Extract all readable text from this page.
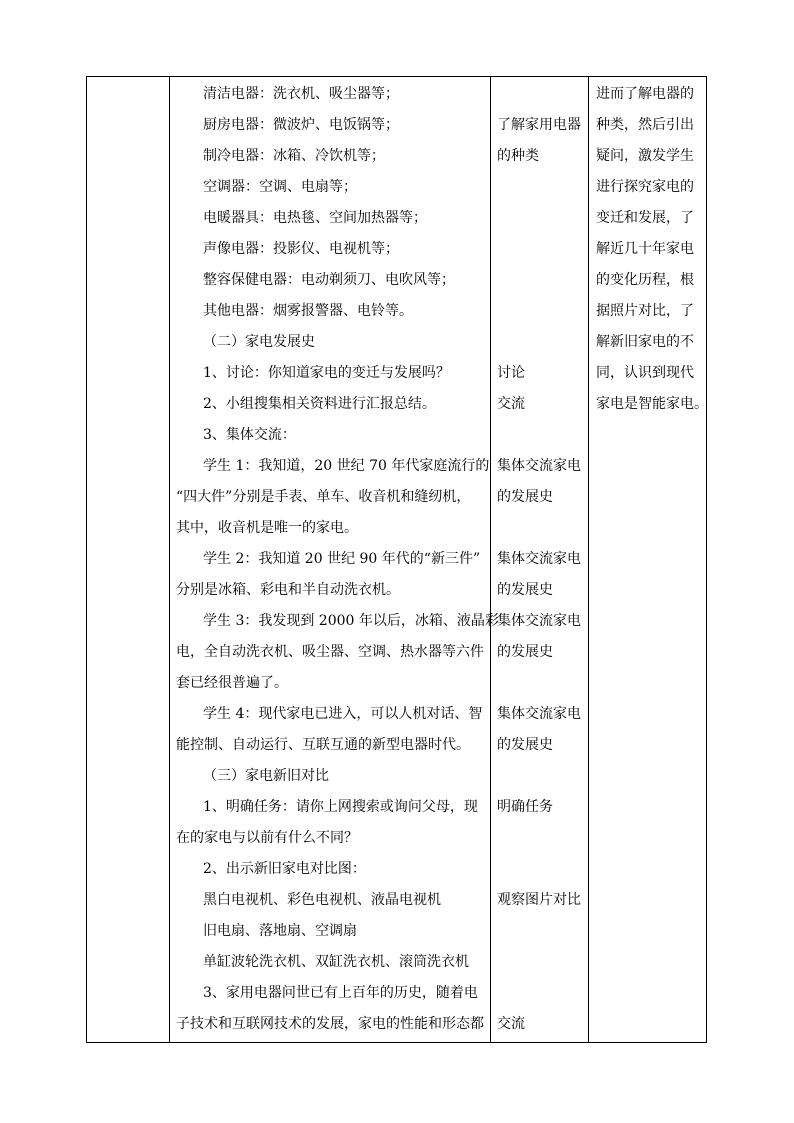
清洁电器：洗衣机、吸尘器等；
厨房电器：微波炉、电饭锅等；
制冷电器：冰箱、冷饮机等；
空调器：空调、电扇等；
电暖器具：电热毯、空间加热器等；
声像电器：投影仪、电视机等；
整容保健电器：电动剃须刀、电吹风等；
其他电器：烟雾报警器、电铃等。
（二）家电发展史
1、讨论：你知道家电的变迁与发展吗？
2、小组搜集相关资料进行汇报总结。
3、集体交流：
学生 1：我知道，20 世纪 70 年代家庭流行的
“四大件”分别是手表、单车、收音机和缝纫机，
其中，收音机是唯一的家电。
学生 2：我知道 20 世纪 90 年代的“新三件”
分别是冰箱、彩电和半自动洗衣机。
学生 3：我发现到 2000 年以后，冰箱、液晶彩
电，全自动洗衣机、吸尘器、空调、热水器等六件
套已经很普遍了。
学生 4：现代家电已进入，可以人机对话、智
能控制、自动运行、互联互通的新型电器时代。
（三）家电新旧对比
1、明确任务：请你上网搜索或询问父母，现
在的家电与以前有什么不同？
2、出示新旧家电对比图：
黑白电视机、彩色电视机、液晶电视机
旧电扇、落地扇、空调扇
单缸波轮洗衣机、双缸洗衣机、滚筒洗衣机
3、家用电器问世已有上百年的历史，随着电
子技术和互联网技术的发展，家电的性能和形态都
了解家用电器
的种类
讨论
交流
集体交流家电
的发展史
集体交流家电
的发展史
集体交流家电
的发展史
集体交流家电
的发展史
明确任务
观察图片对比
交流
进而了解电器的
种类，然后引出
疑问，激发学生
进行探究家电的
变迁和发展，了
解近几十年家电
的变化历程，根
据照片对比，了
解新旧家电的不
同，认识到现代
家电是智能家电。
